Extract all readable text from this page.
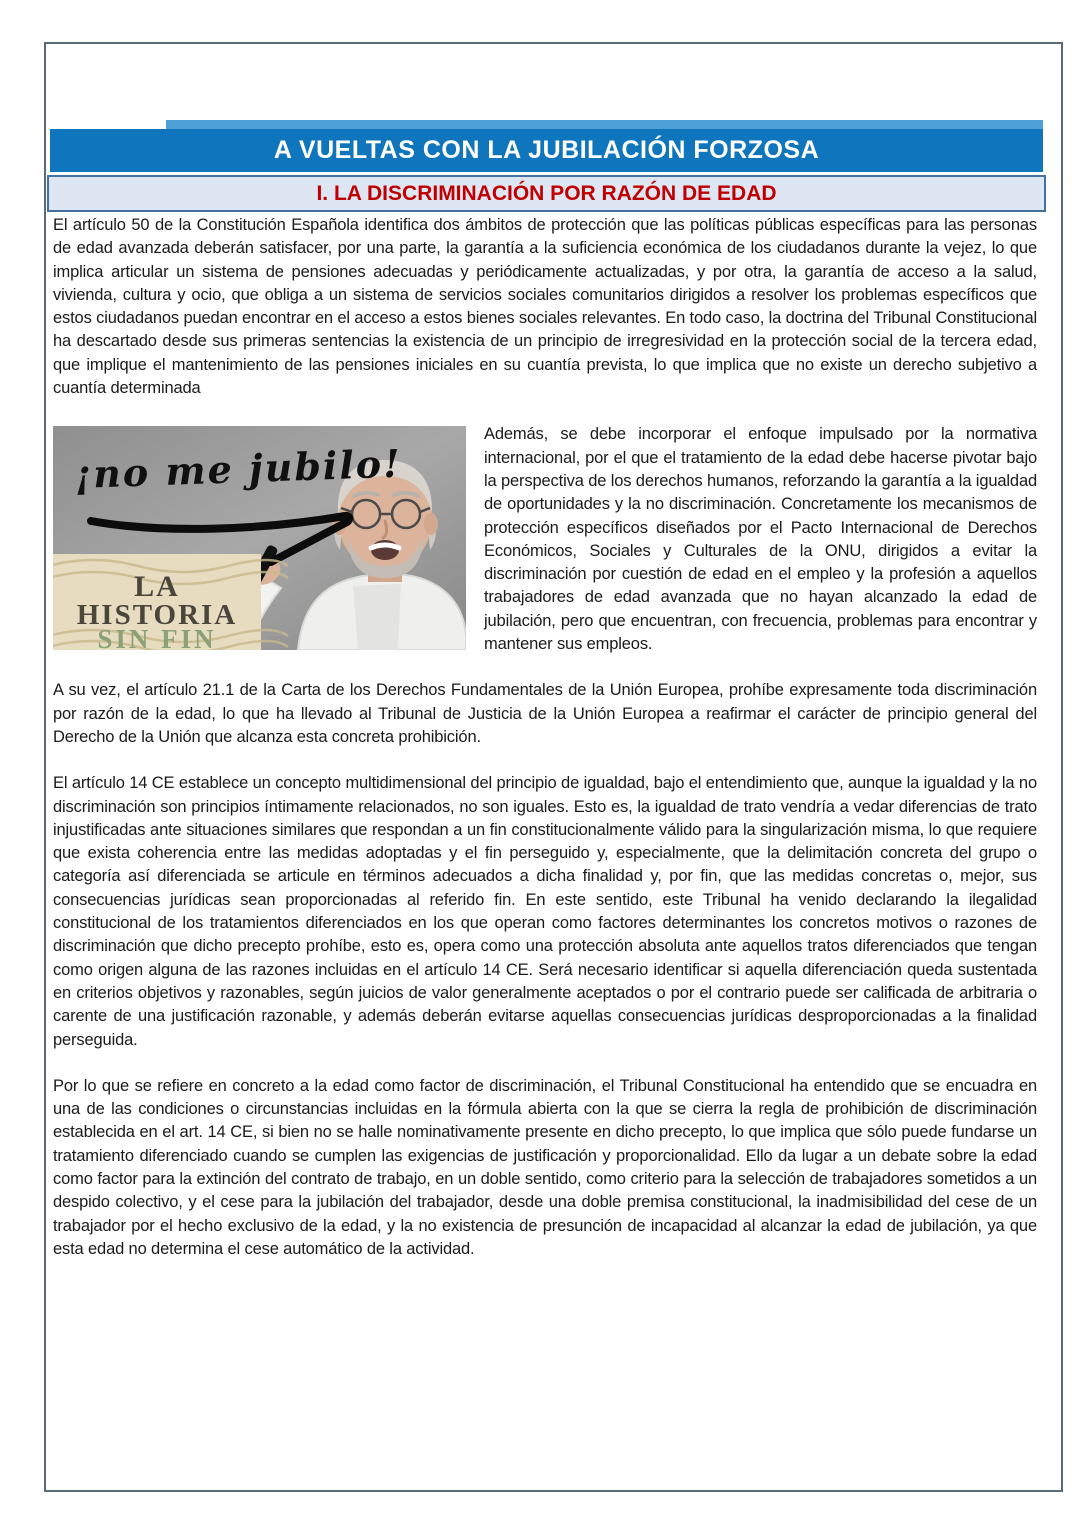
A VUELTAS CON LA JUBILACIÓN FORZOSA
I. LA DISCRIMINACIÓN POR RAZÓN DE EDAD

El artículo 50 de la Constitución Española identifica dos ámbitos de protección que las políticas públicas específicas para las personas de edad avanzada deberán satisfacer, por una parte, la garantía a la suficiencia económica de los ciudadanos durante la vejez, lo que implica articular un sistema de pensiones adecuadas y periódicamente actualizadas, y por otra, la garantía de acceso a la salud, vivienda, cultura y ocio, que obliga a un sistema de servicios sociales comunitarios dirigidos a resolver los problemas específicos que estos ciudadanos puedan encontrar en el acceso a estos bienes sociales relevantes. En todo caso, la doctrina del Tribunal Constitucional ha descartado desde sus primeras sentencias la existencia de un principio de irregresividad en la protección social de la tercera edad, que implique el mantenimiento de las pensiones iniciales en su cuantía prevista, lo que implica que no existe un derecho subjetivo a cuantía determinada

¡no me jubilo!
LA
HISTORIA
SIN FIN

Además, se debe incorporar el enfoque impulsado por la normativa internacional, por el que el tratamiento de la edad debe hacerse pivotar bajo la perspectiva de los derechos humanos, reforzando la garantía a la igualdad de oportunidades y la no discriminación. Concretamente los mecanismos de protección específicos diseñados por el Pacto Internacional de Derechos Económicos, Sociales y Culturales de la ONU, dirigidos a evitar la discriminación por cuestión de edad en el empleo y la profesión a aquellos trabajadores de edad avanzada que no hayan alcanzado la edad de jubilación, pero que encuentran, con frecuencia, problemas para encontrar y mantener sus empleos.

A su vez, el artículo 21.1 de la Carta de los Derechos Fundamentales de la Unión Europea, prohíbe expresamente toda discriminación por razón de la edad, lo que ha llevado al Tribunal de Justicia de la Unión Europea a reafirmar el carácter de principio general del Derecho de la Unión que alcanza esta concreta prohibición.

El artículo 14 CE establece un concepto multidimensional del principio de igualdad, bajo el entendimiento que, aunque la igualdad y la no discriminación son principios íntimamente relacionados, no son iguales. Esto es, la igualdad de trato vendría a vedar diferencias de trato injustificadas ante situaciones similares que respondan a un fin constitucionalmente válido para la singularización misma, lo que requiere que exista coherencia entre las medidas adoptadas y el fin perseguido y, especialmente, que la delimitación concreta del grupo o categoría así diferenciada se articule en términos adecuados a dicha finalidad y, por fin, que las medidas concretas o, mejor, sus consecuencias jurídicas sean proporcionadas al referido fin. En este sentido, este Tribunal ha venido declarando la ilegalidad constitucional de los tratamientos diferenciados en los que operan como factores determinantes los concretos motivos o razones de discriminación que dicho precepto prohíbe, esto es, opera como una protección absoluta ante aquellos tratos diferenciados que tengan como origen alguna de las razones incluidas en el artículo 14 CE. Será necesario identificar si aquella diferenciación queda sustentada en criterios objetivos y razonables, según juicios de valor generalmente aceptados o por el contrario puede ser calificada de arbitraria o carente de una justificación razonable, y además deberán evitarse aquellas consecuencias jurídicas desproporcionadas a la finalidad perseguida.

Por lo que se refiere en concreto a la edad como factor de discriminación, el Tribunal Constitucional ha entendido que se encuadra en una de las condiciones o circunstancias incluidas en la fórmula abierta con la que se cierra la regla de prohibición de discriminación establecida en el art. 14 CE, si bien no se halle nominativamente presente en dicho precepto, lo que implica que sólo puede fundarse un tratamiento diferenciado cuando se cumplen las exigencias de justificación y proporcionalidad. Ello da lugar a un debate sobre la edad como factor para la extinción del contrato de trabajo, en un doble sentido, como criterio para la selección de trabajadores sometidos a un despido colectivo, y el cese para la jubilación del trabajador, desde una doble premisa constitucional, la inadmisibilidad del cese de un trabajador por el hecho exclusivo de la edad, y la no existencia de presunción de incapacidad al alcanzar la edad de jubilación, ya que esta edad no determina el cese automático de la actividad.
